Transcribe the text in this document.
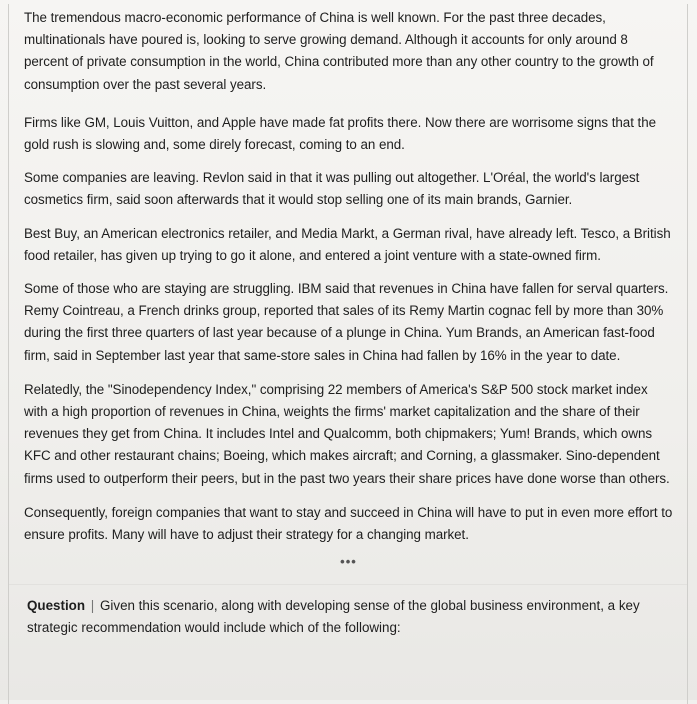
The tremendous macro-economic performance of China is well known. For the past three decades, multinationals have poured is, looking to serve growing demand. Although it accounts for only around 8 percent of private consumption in the world, China contributed more than any other country to the growth of consumption over the past several years.

Firms like GM, Louis Vuitton, and Apple have made fat profits there. Now there are worrisome signs that the gold rush is slowing and, some direly forecast, coming to an end.

Some companies are leaving. Revlon said in that it was pulling out altogether. L'Oréal, the world's largest cosmetics firm, said soon afterwards that it would stop selling one of its main brands, Garnier.

Best Buy, an American electronics retailer, and Media Markt, a German rival, have already left. Tesco, a British food retailer, has given up trying to go it alone, and entered a joint venture with a state-owned firm.

Some of those who are staying are struggling. IBM said that revenues in China have fallen for serval quarters. Remy Cointreau, a French drinks group, reported that sales of its Remy Martin cognac fell by more than 30% during the first three quarters of last year because of a plunge in China. Yum Brands, an American fast-food firm, said in September last year that same-store sales in China had fallen by 16% in the year to date.

Relatedly, the "Sinodependency Index," comprising 22 members of America's S&P 500 stock market index with a high proportion of revenues in China, weights the firms' market capitalization and the share of their revenues they get from China. It includes Intel and Qualcomm, both chipmakers; Yum! Brands, which owns KFC and other restaurant chains; Boeing, which makes aircraft; and Corning, a glassmaker. Sino-dependent firms used to outperform their peers, but in the past two years their share prices have done worse than others.

Consequently, foreign companies that want to stay and succeed in China will have to put in even more effort to ensure profits. Many will have to adjust their strategy for a changing market.

•••

Question | Given this scenario, along with developing sense of the global business environment, a key strategic recommendation would include which of the following:
